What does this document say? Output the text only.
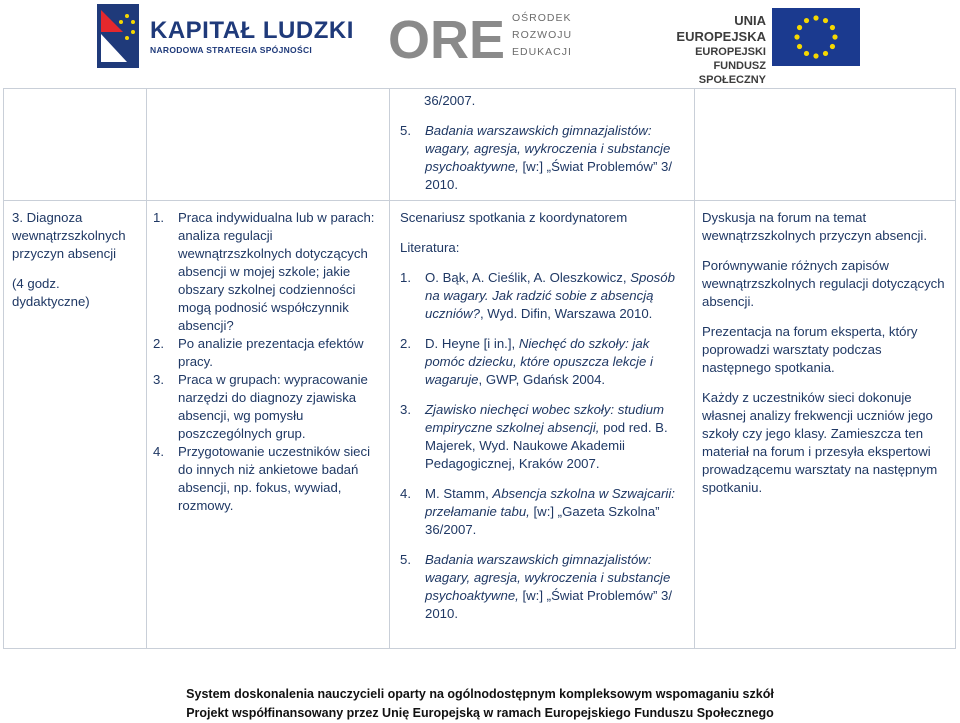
KAPITAŁ LUDZKI
NARODOWA STRATEGIA SPÓJNOŚCI ORE OŚRODEK
ROZWOJU
EDUKACJI
UNIA EUROPEJSKA
EUROPEJSKI
FUNDUSZ SPOŁECZNY

36/2007.

5. Badania warszawskich gimnazjalistów: wagary, agresja, wykroczenia i substancje psychoaktywne, [w:] „Świat Problemów” 3/ 2010.

3. Diagnoza wewnątrzszkolnych przyczyn absencji

(4 godz. dydaktyczne)

1. Praca indywidualna lub w parach: analiza regulacji wewnątrzszkolnych dotyczących absencji w mojej szkole; jakie obszary szkolnej codzienności mogą podnosić współczynnik absencji?
2. Po analizie prezentacja efektów pracy.
3. Praca w grupach: wypracowanie narzędzi do diagnozy zjawiska absencji, wg pomysłu poszczególnych grup.
4. Przygotowanie uczestników sieci do innych niż ankietowe badań absencji, np. fokus, wywiad, rozmowy.

Scenariusz spotkania z koordynatorem

Literatura:

1. O. Bąk, A. Cieślik, A. Oleszkowicz, Sposób na wagary. Jak radzić sobie z absencją uczniów?, Wyd. Difin, Warszawa 2010.
2. D. Heyne [i in.], Niechęć do szkoły: jak pomóc dziecku, które opuszcza lekcje i wagaruje, GWP, Gdańsk 2004.
3. Zjawisko niechęci wobec szkoły: studium empiryczne szkolnej absencji, pod red. B. Majerek, Wyd. Naukowe Akademii Pedagogicznej, Kraków 2007.
4. M. Stamm, Absencja szkolna w Szwajcarii: przełamanie tabu, [w:] „Gazeta Szkolna” 36/2007.
5. Badania warszawskich gimnazjalistów: wagary, agresja, wykroczenia i substancje psychoaktywne, [w:] „Świat Problemów” 3/ 2010.

Dyskusja na forum na temat wewnątrzszkolnych przyczyn absencji.

Porównywanie różnych zapisów wewnątrzszkolnych regulacji dotyczących absencji.

Prezentacja na forum eksperta, który poprowadzi warsztaty podczas następnego spotkania.

Każdy z uczestników sieci dokonuje własnej analizy frekwencji uczniów jego szkoły czy jego klasy. Zamieszcza ten materiał na forum i przesyła ekspertowi prowadzącemu warsztaty na następnym spotkaniu.

System doskonalenia nauczycieli oparty na ogólnodostępnym kompleksowym wspomaganiu szkół
Projekt współfinansowany przez Unię Europejską w ramach Europejskiego Funduszu Społecznego
